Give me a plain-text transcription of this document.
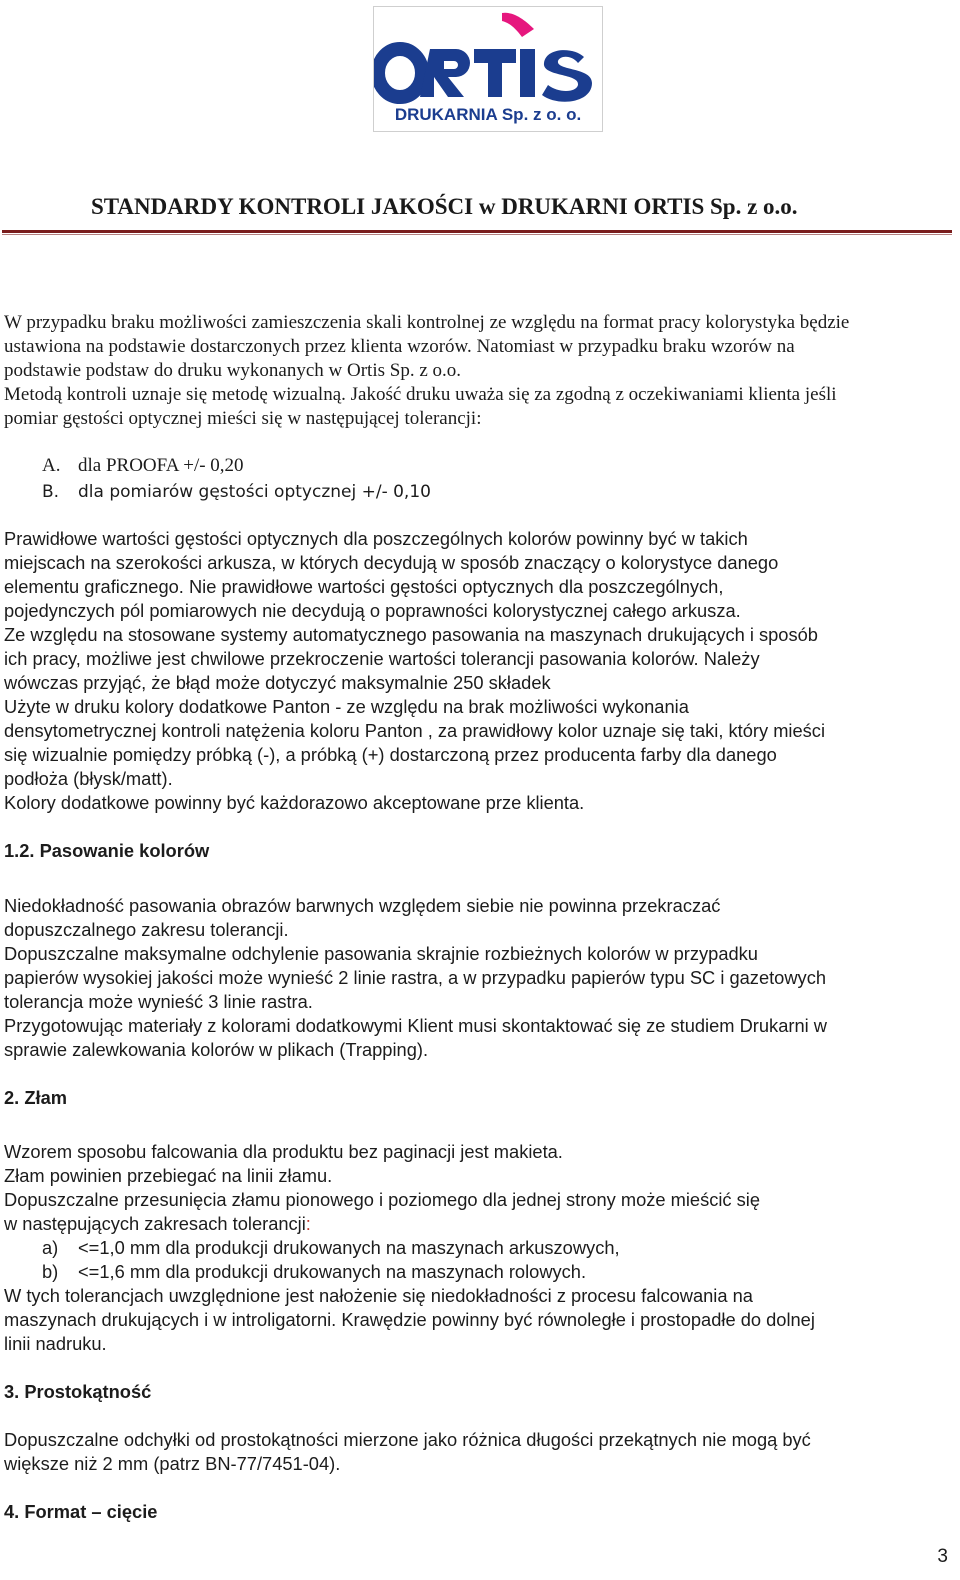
DRUKARNIA Sp. z o. o.
STANDARDY KONTROLI JAKOŚCI w DRUKARNI ORTIS Sp. z o.o.
W przypadku braku możliwości zamieszczenia skali kontrolnej ze względu na format pracy kolorystyka będzie
ustawiona na podstawie dostarczonych przez klienta wzorów. Natomiast w przypadku braku wzorów na
podstawie podstaw do druku wykonanych w Ortis Sp. z o.o.
Metodą kontroli uznaje się metodę wizualną. Jakość druku uważa się za zgodną z oczekiwaniami klienta jeśli
pomiar gęstości optycznej mieści się w następującej tolerancji:
A. dla PROOFA +/- 0,20
B. dla pomiarów gęstości optycznej +/- 0,10
Prawidłowe wartości gęstości optycznych dla poszczególnych kolorów powinny być w takich
miejscach na szerokości arkusza, w których decydują w sposób znaczący o kolorystyce danego
elementu graficznego. Nie prawidłowe wartości gęstości optycznych dla poszczególnych,
pojedynczych pól pomiarowych nie decydują o poprawności kolorystycznej całego arkusza.
Ze względu na stosowane systemy automatycznego pasowania na maszynach drukujących i sposób
ich pracy, możliwe jest chwilowe przekroczenie wartości tolerancji pasowania kolorów. Należy
wówczas przyjąć, że błąd może dotyczyć maksymalnie 250 składek
Użyte w druku kolory dodatkowe Panton - ze względu na brak możliwości wykonania
densytometrycznej kontroli natężenia koloru Panton , za prawidłowy kolor uznaje się taki, który mieści
się wizualnie pomiędzy próbką (-), a próbką (+) dostarczoną przez producenta farby dla danego
podłoża (błysk/matt).
Kolory dodatkowe powinny być każdorazowo akceptowane prze klienta.
1.2. Pasowanie kolorów
Niedokładność pasowania obrazów barwnych względem siebie nie powinna przekraczać
dopuszczalnego zakresu tolerancji.
Dopuszczalne maksymalne odchylenie pasowania skrajnie rozbieżnych kolorów w przypadku
papierów wysokiej jakości może wynieść 2 linie rastra, a w przypadku papierów typu SC i gazetowych
tolerancja może wynieść 3 linie rastra.
Przygotowując materiały z kolorami dodatkowymi Klient musi skontaktować się ze studiem Drukarni w
sprawie zalewkowania kolorów w plikach (Trapping).
2. Złam
Wzorem sposobu falcowania dla produktu bez paginacji jest makieta.
Złam powinien przebiegać na linii złamu.
Dopuszczalne przesunięcia złamu pionowego i poziomego dla jednej strony może mieścić się
w następujących zakresach tolerancji:
a) <=1,0 mm dla produkcji drukowanych na maszynach arkuszowych,
b) <=1,6 mm dla produkcji drukowanych na maszynach rolowych.
W tych tolerancjach uwzględnione jest nałożenie się niedokładności z procesu falcowania na
maszynach drukujących i w introligatorni. Krawędzie powinny być równoległe i prostopadłe do dolnej
linii nadruku.
3. Prostokątność
Dopuszczalne odchyłki od prostokątności mierzone jako różnica długości przekątnych nie mogą być
większe niż 2 mm (patrz BN-77/7451-04).
4. Format – cięcie
3
